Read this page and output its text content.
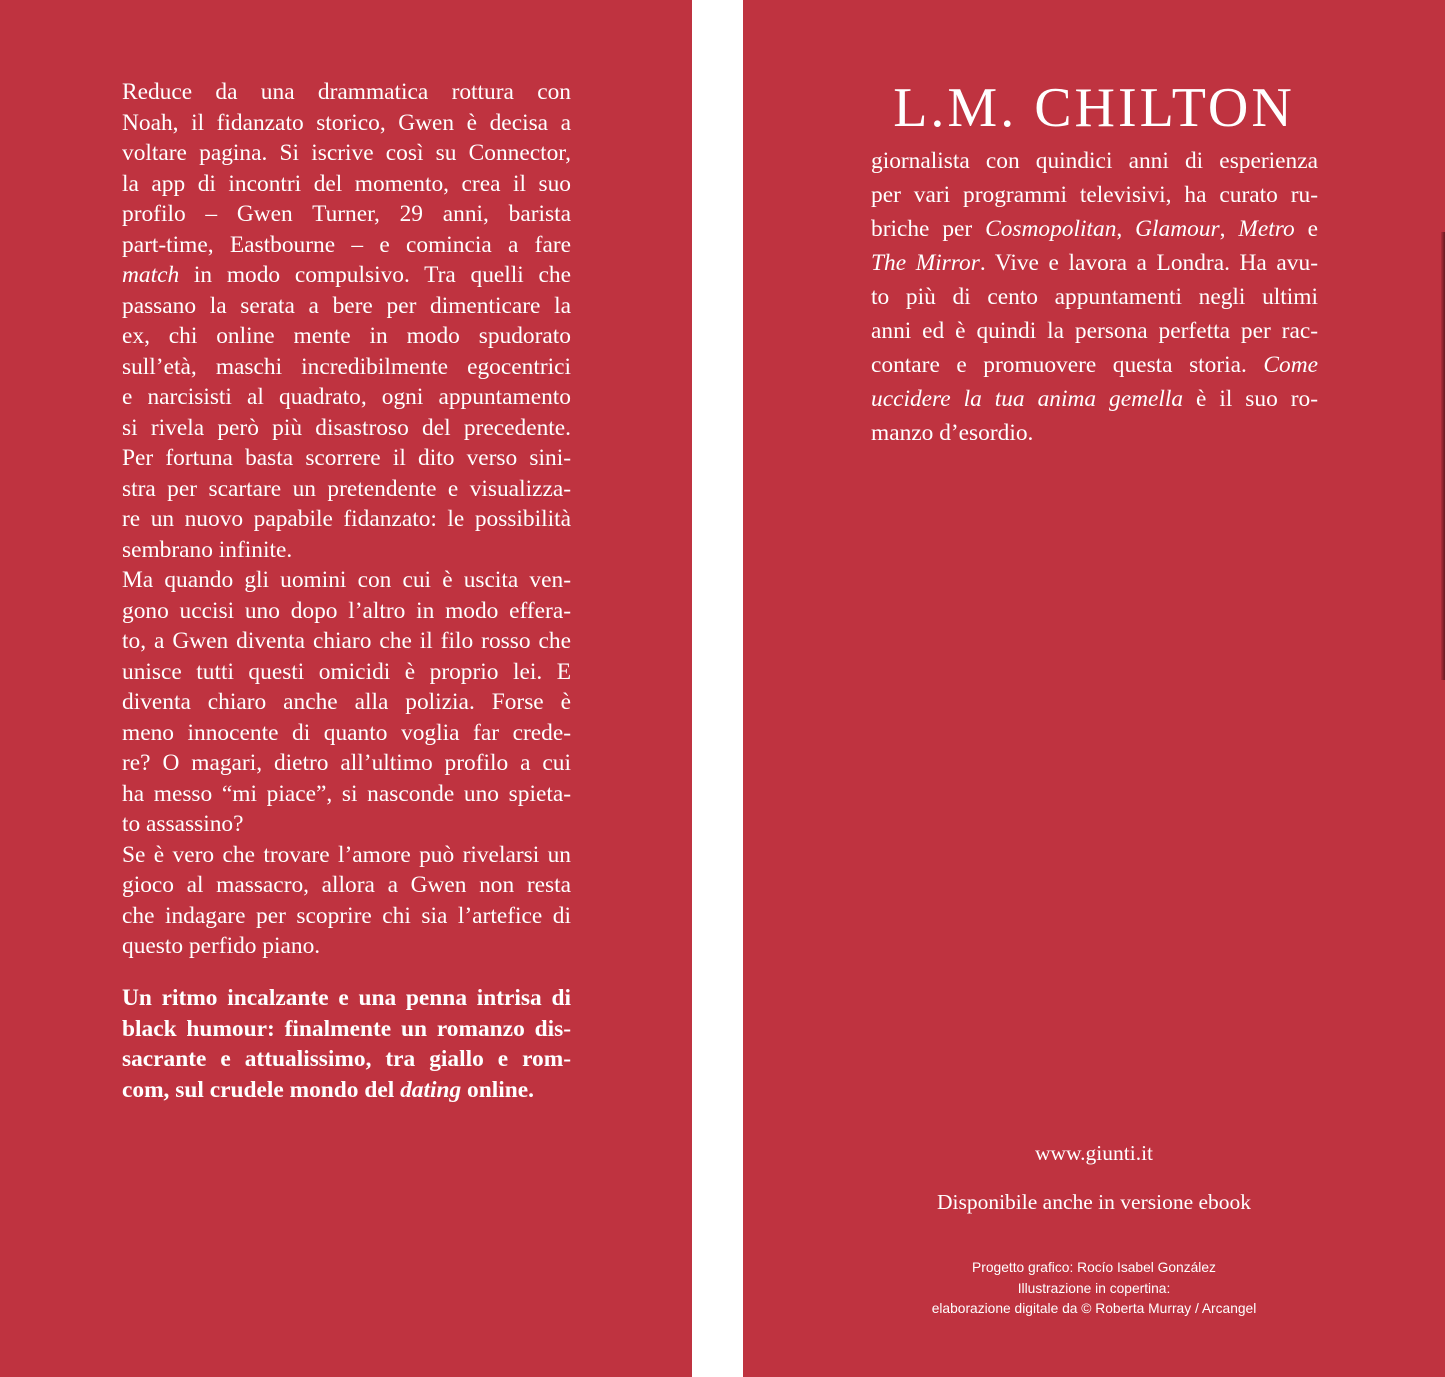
Reduce da una drammatica rottura con
Noah, il fidanzato storico, Gwen è decisa a
voltare pagina. Si iscrive così su Connector,
la app di incontri del momento, crea il suo
profilo – Gwen Turner, 29 anni, barista
part-time, Eastbourne – e comincia a fare
match in modo compulsivo. Tra quelli che
passano la serata a bere per dimenticare la
ex, chi online mente in modo spudorato
sull’età, maschi incredibilmente egocentrici
e narcisisti al quadrato, ogni appuntamento
si rivela però più disastroso del precedente.
Per fortuna basta scorrere il dito verso sini-
stra per scartare un pretendente e visualizza-
re un nuovo papabile fidanzato: le possibilità
sembrano infinite.
Ma quando gli uomini con cui è uscita ven-
gono uccisi uno dopo l’altro in modo efferа-
to, a Gwen diventa chiaro che il filo rosso che
unisce tutti questi omicidi è proprio lei. E
diventa chiaro anche alla polizia. Forse è
meno innocente di quanto voglia far crede-
re? O magari, dietro all’ultimo profilo a cui
ha messo “mi piace”, si nasconde uno spieta-
to assassino?
Se è vero che trovare l’amore può rivelarsi un
gioco al massacro, allora a Gwen non resta
che indagare per scoprire chi sia l’artefice di
questo perfido piano.
Un ritmo incalzante e una penna intrisa di
black humour: finalmente un romanzo dis-
sacrante e attualissimo, tra giallo e rom-
com, sul crudele mondo del dating online.
L.M. CHILTON
giornalista con quindici anni di esperienza
per vari programmi televisivi, ha curato ru-
briche per Cosmopolitan, Glamour, Metro e
The Mirror. Vive e lavora a Londra. Ha avu-
to più di cento appuntamenti negli ultimi
anni ed è quindi la persona perfetta per rac-
contare e promuovere questa storia. Come
uccidere la tua anima gemella è il suo ro-
manzo d’esordio.
www.giunti.it
Disponibile anche in versione ebook
Progetto grafico: Rocío Isabel González
Illustrazione in copertina:
elaborazione digitale da © Roberta Murray / Arcangel
